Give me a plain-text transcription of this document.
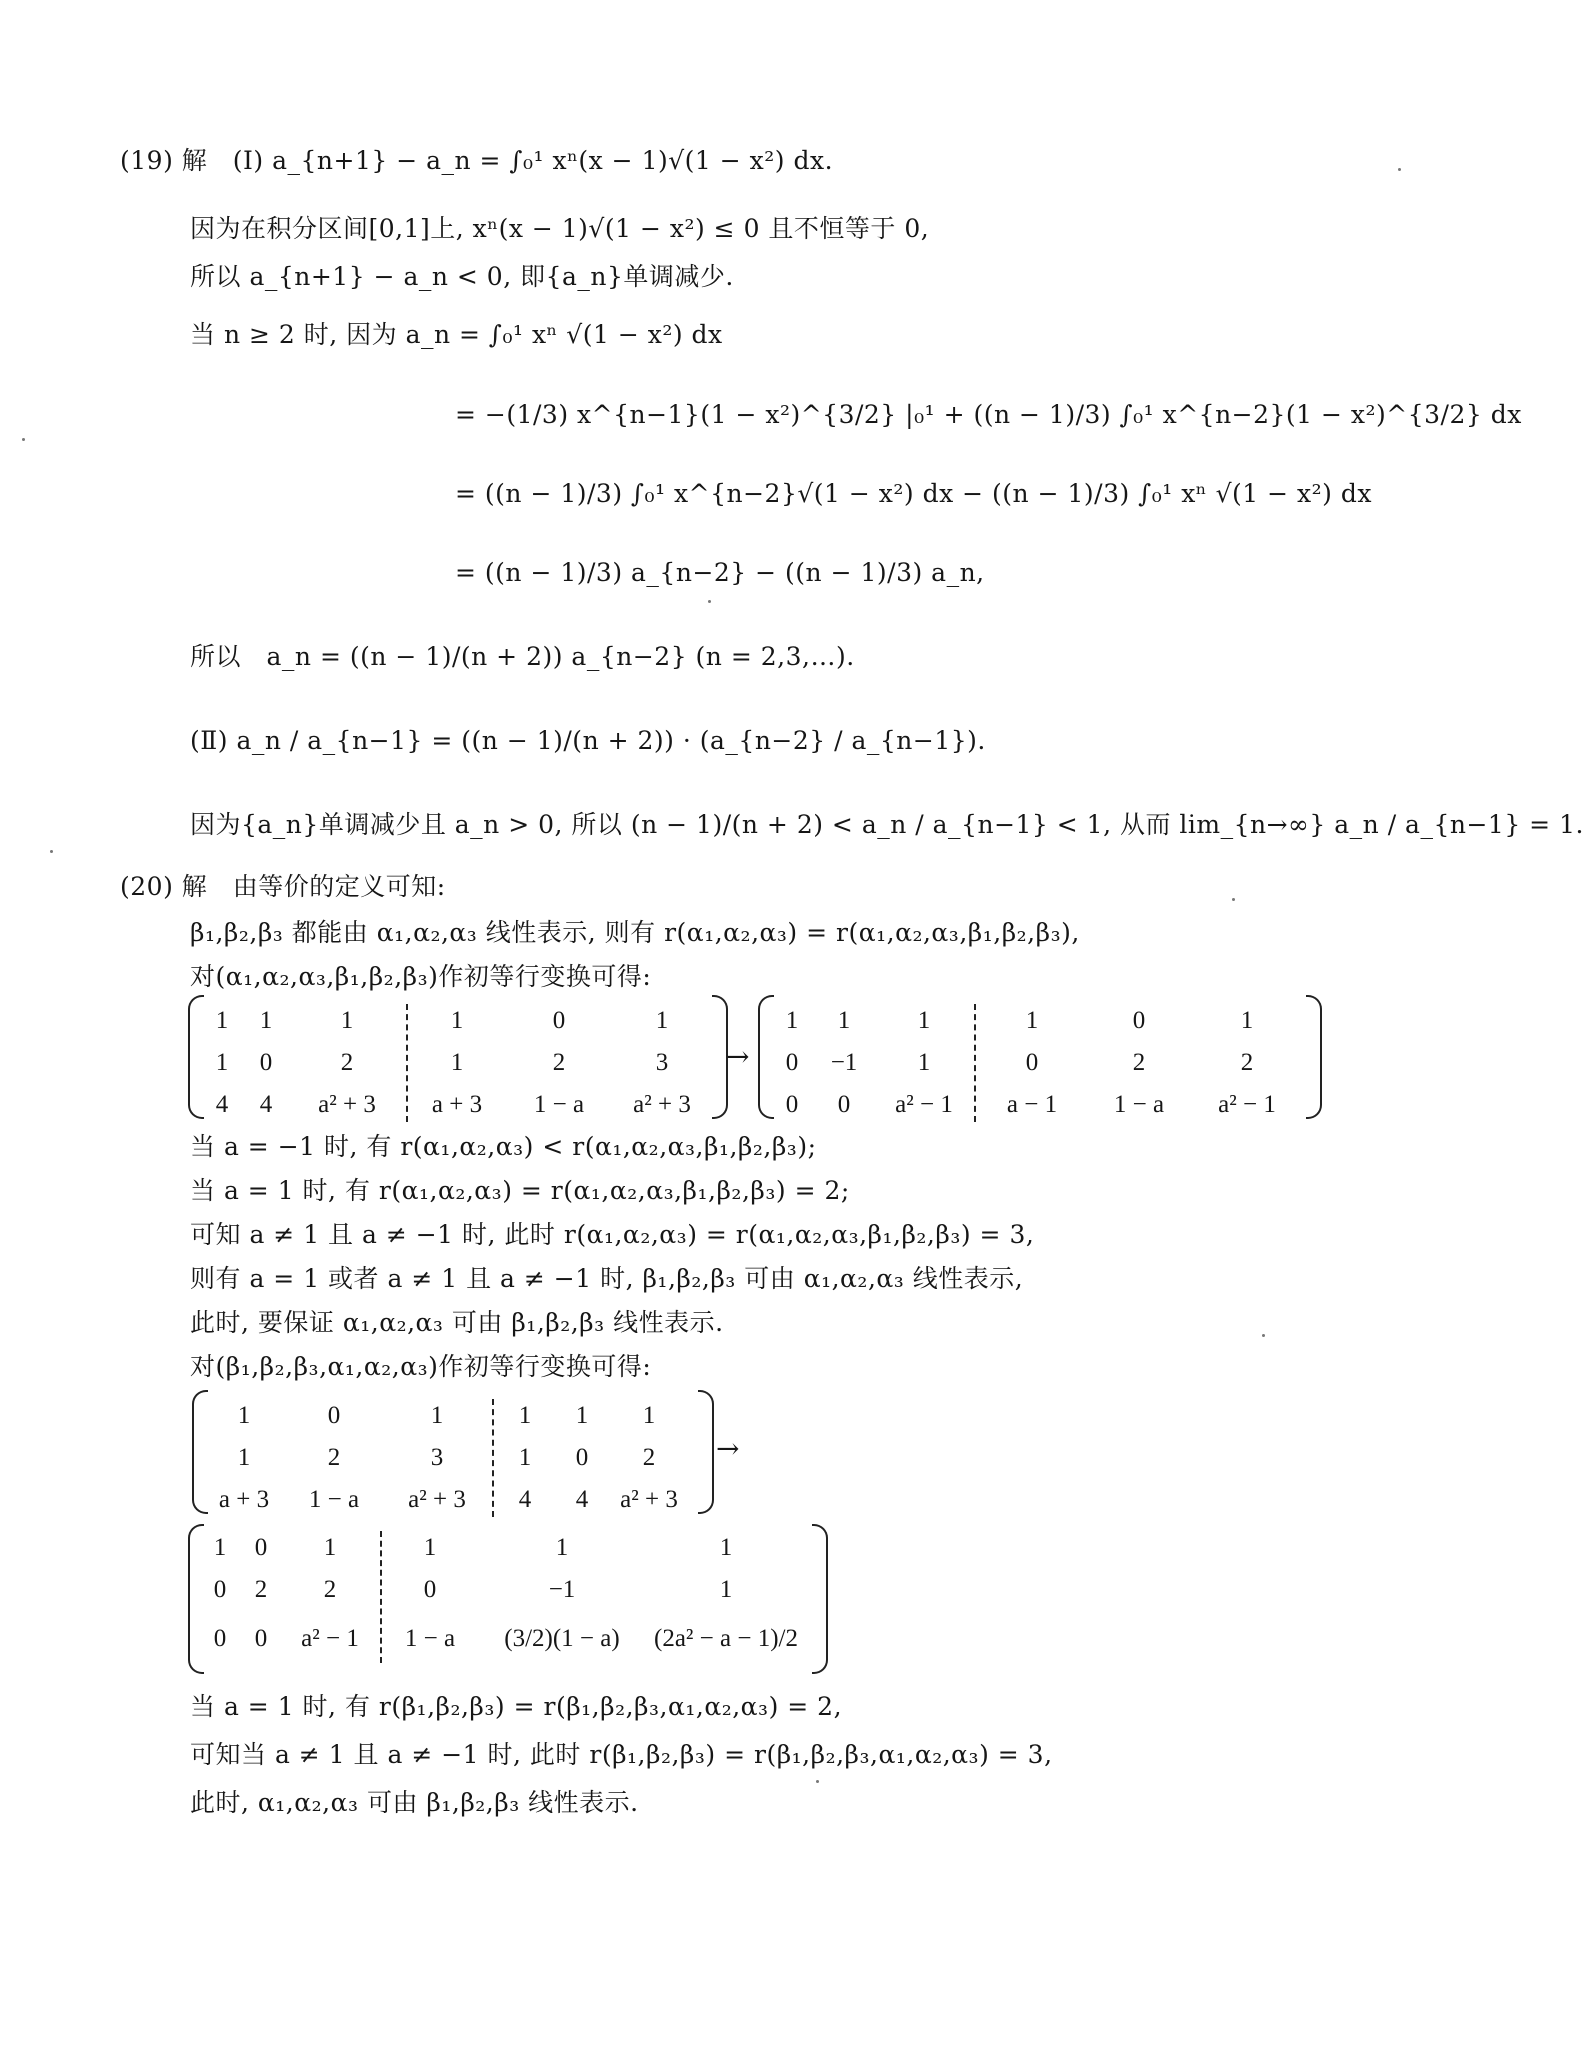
(19) 解　(Ⅰ) a_{n+1} − a_n = ∫₀¹ xⁿ(x − 1)√(1 − x²) dx.
因为在积分区间[0,1]上, xⁿ(x − 1)√(1 − x²) ≤ 0 且不恒等于 0,
所以 a_{n+1} − a_n < 0, 即{a_n}单调减少.
当 n ≥ 2 时, 因为 a_n = ∫₀¹ xⁿ √(1 − x²) dx
= −(1/3) x^{n−1}(1 − x²)^{3/2} |₀¹ + ((n − 1)/3) ∫₀¹ x^{n−2}(1 − x²)^{3/2} dx
= ((n − 1)/3) ∫₀¹ x^{n−2}√(1 − x²) dx − ((n − 1)/3) ∫₀¹ xⁿ √(1 − x²) dx
= ((n − 1)/3) a_{n−2} − ((n − 1)/3) a_n,
所以　a_n = ((n − 1)/(n + 2)) a_{n−2} (n = 2,3,…).
(Ⅱ) a_n / a_{n−1} = ((n − 1)/(n + 2)) · (a_{n−2} / a_{n−1}).
因为{a_n}单调减少且 a_n > 0, 所以 (n − 1)/(n + 2) < a_n / a_{n−1} < 1, 从而 lim_{n→∞} a_n / a_{n−1} = 1.
(20) 解　由等价的定义可知:
β₁,β₂,β₃ 都能由 α₁,α₂,α₃ 线性表示, 则有 r(α₁,α₂,α₃) = r(α₁,α₂,α₃,β₁,β₂,β₃),
对(α₁,α₂,α₃,β₁,β₂,β₃)作初等行变换可得:
1	1	1	1	0	1
1	0	2	1	2	3
4	4	a² + 3	a + 3	1 − a	a² + 3
→
1	1	1	1	0	1
0	−1	1	0	2	2
0	0	a² − 1	a − 1	1 − a	a² − 1
当 a = −1 时, 有 r(α₁,α₂,α₃) < r(α₁,α₂,α₃,β₁,β₂,β₃);
当 a = 1 时, 有 r(α₁,α₂,α₃) = r(α₁,α₂,α₃,β₁,β₂,β₃) = 2;
可知 a ≠ 1 且 a ≠ −1 时, 此时 r(α₁,α₂,α₃) = r(α₁,α₂,α₃,β₁,β₂,β₃) = 3,
则有 a = 1 或者 a ≠ 1 且 a ≠ −1 时, β₁,β₂,β₃ 可由 α₁,α₂,α₃ 线性表示,
此时, 要保证 α₁,α₂,α₃ 可由 β₁,β₂,β₃ 线性表示.
对(β₁,β₂,β₃,α₁,α₂,α₃)作初等行变换可得:
1	0	1	1	1	1
1	2	3	1	0	2
a + 3	1 − a	a² + 3	4	4	a² + 3
→
1	0	1	1	1	1
0	2	2	0	−1	1
0	0	a² − 1	1 − a	(3/2)(1 − a)	(2a² − a − 1)/2
当 a = 1 时, 有 r(β₁,β₂,β₃) = r(β₁,β₂,β₃,α₁,α₂,α₃) = 2,
可知当 a ≠ 1 且 a ≠ −1 时, 此时 r(β₁,β₂,β₃) = r(β₁,β₂,β₃,α₁,α₂,α₃) = 3,
此时, α₁,α₂,α₃ 可由 β₁,β₂,β₃ 线性表示.
